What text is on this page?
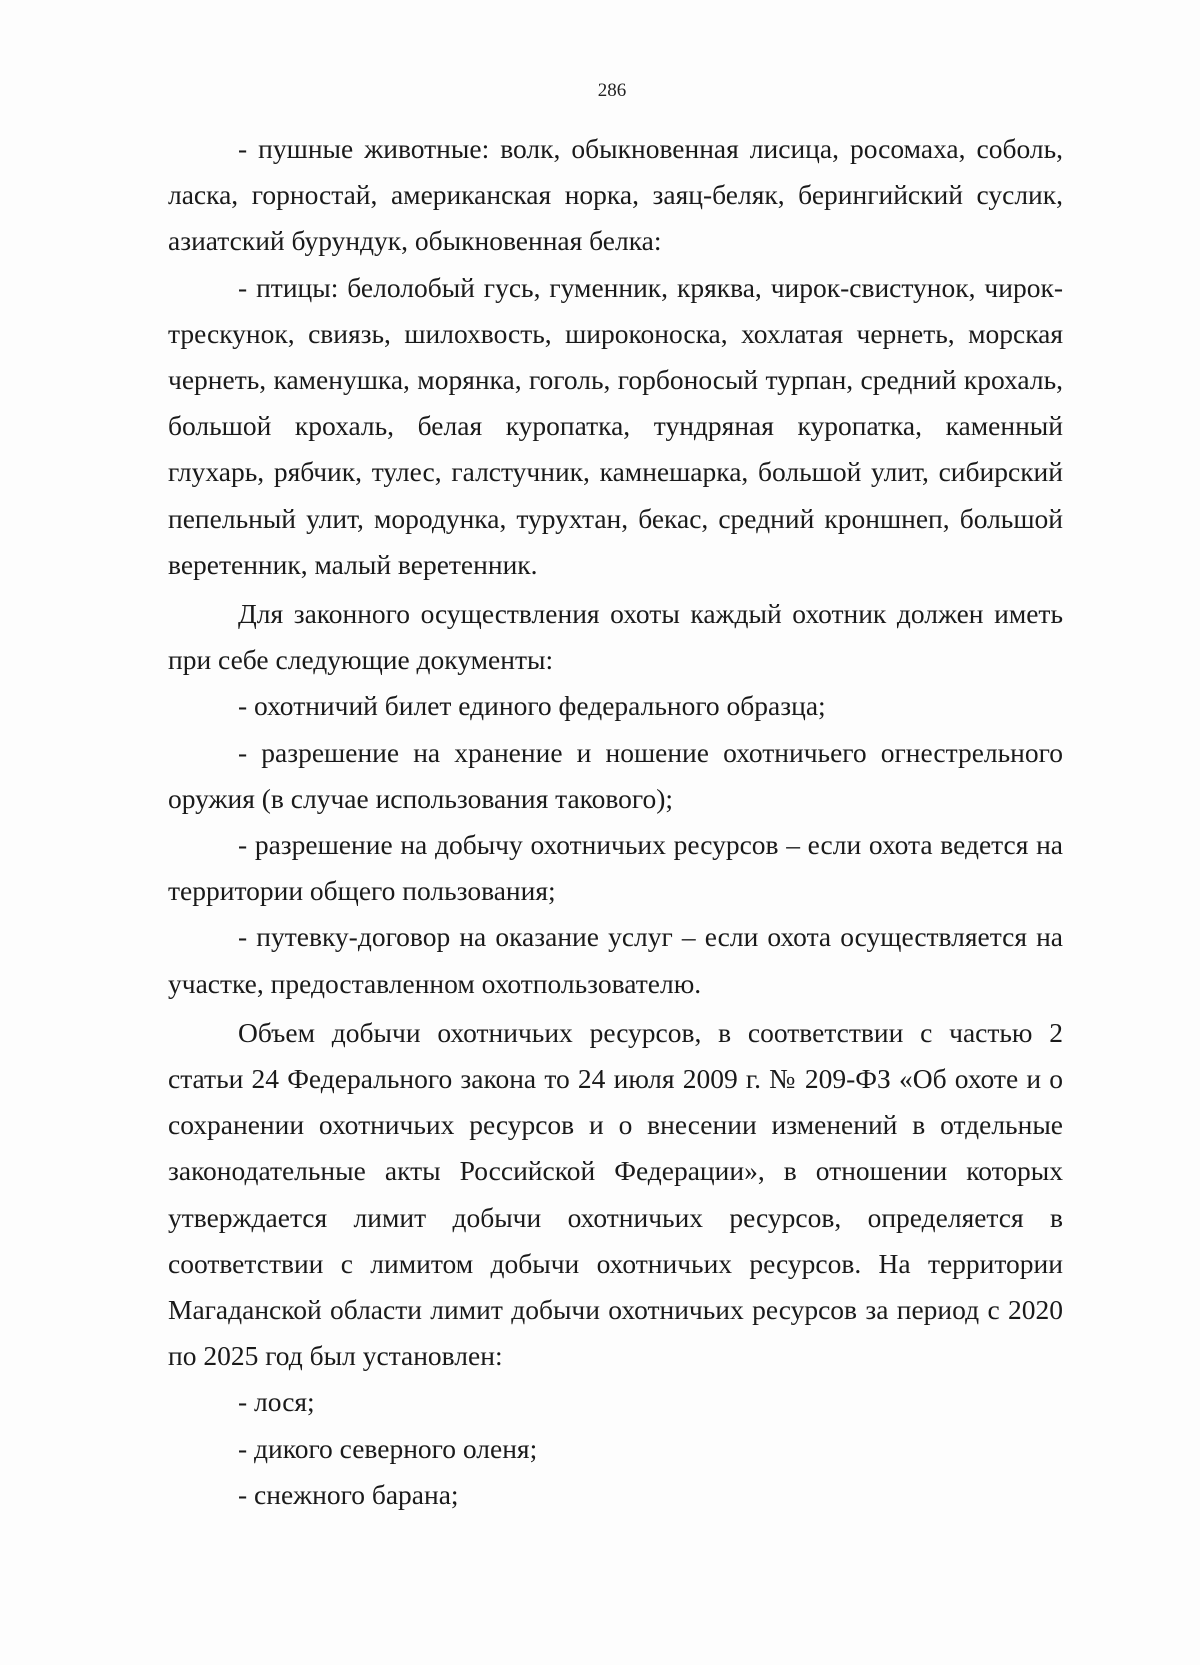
286

- пушные животные: волк, обыкновенная лисица, росомаха, соболь, ласка, горностай, американская норка, заяц-беляк, берингийский суслик, азиатский бурундук, обыкновенная белка:

- птицы: белолобый гусь, гуменник, кряква, чирок-свистунок, чирок-трескунок, свиязь, шилохвость, широконоска, хохлатая чернеть, морская чернеть, каменушка, морянка, гоголь, горбоносый турпан, средний крохаль, большой крохаль, белая куропатка, тундряная куропатка, каменный глухарь, рябчик, тулес, галстучник, камнешарка, большой улит, сибирский пепельный улит, мородунка, турухтан, бекас, средний кроншнеп, большой веретенник, малый веретенник.

Для законного осуществления охоты каждый охотник должен иметь при себе следующие документы:

- охотничий билет единого федерального образца;

- разрешение на хранение и ношение охотничьего огнестрельного оружия (в случае использования такового);

- разрешение на добычу охотничьих ресурсов – если охота ведется на территории общего пользования;

- путевку-договор на оказание услуг – если охота осуществляется на участке, предоставленном охотпользователю.

Объем добычи охотничьих ресурсов, в соответствии с частью 2 статьи 24 Федерального закона то 24 июля 2009 г. № 209-ФЗ «Об охоте и о сохранении охотничьих ресурсов и о внесении изменений в отдельные законодательные акты Российской Федерации», в отношении которых утверждается лимит добычи охотничьих ресурсов, определяется в соответствии с лимитом добычи охотничьих ресурсов. На территории Магаданской области лимит добычи охотничьих ресурсов за период с 2020 по 2025 год был установлен:

- лося;

- дикого северного оленя;

- снежного барана;
